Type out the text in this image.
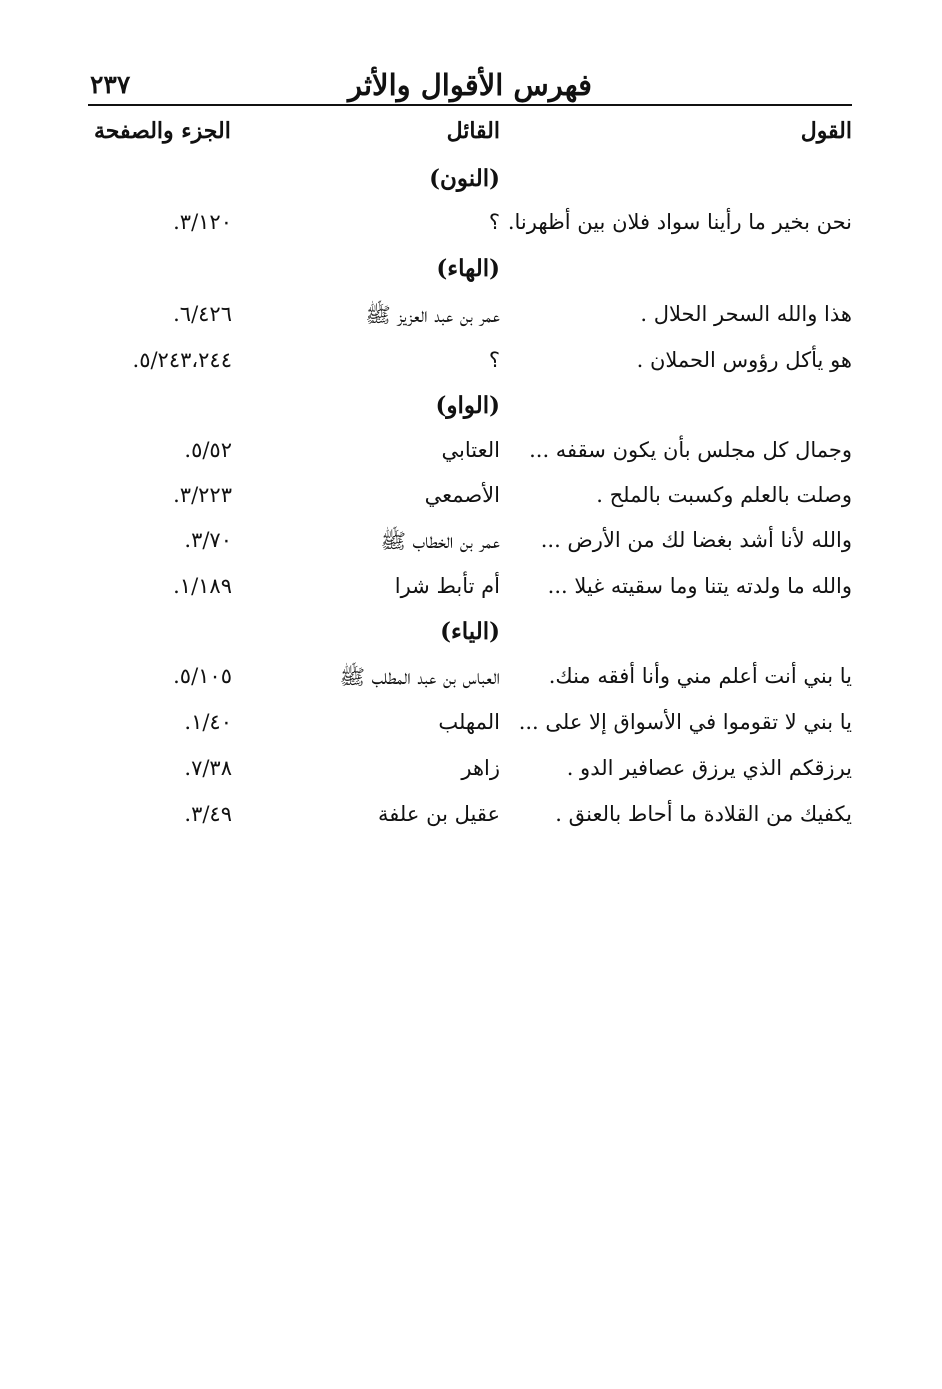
فهرس الأقوال والأثر
٢٣٧
القول
القائل
الجزء والصفحة
(النون)
نحن بخير ما رأينا سواد فلان بين أظهرنا.
؟
٣/١٢٠.
(الهاء)
هذا والله السحر الحلال .
عمر بن عبد العزيز ﷺ
٦/٤٢٦.
هو يأكل رؤوس الحملان .
؟
٥/٢٤٣،٢٤٤.
(الواو)
وجمال كل مجلس بأن يكون سقفه ...
العتابي
٥/٥٢.
وصلت بالعلم وكسبت بالملح .
الأصمعي
٣/٢٢٣.
والله لأنا أشد بغضا لك من الأرض ...
عمر بن الخطاب ﷺ
٣/٧٠.
والله ما ولدته يتنا وما سقيته غيلا ...
أم تأبط شرا
١/١٨٩.
(الياء)
يا بني أنت أعلم مني وأنا أفقه منك.
العباس بن عبد المطلب ﷺ
٥/١٠٥.
يا بني لا تقوموا في الأسواق إلا على ...
المهلب
١/٤٠.
يرزقكم الذي يرزق عصافير الدو .
زاهر
٧/٣٨.
يكفيك من القلادة ما أحاط بالعنق .
عقيل بن علفة
٣/٤٩.
